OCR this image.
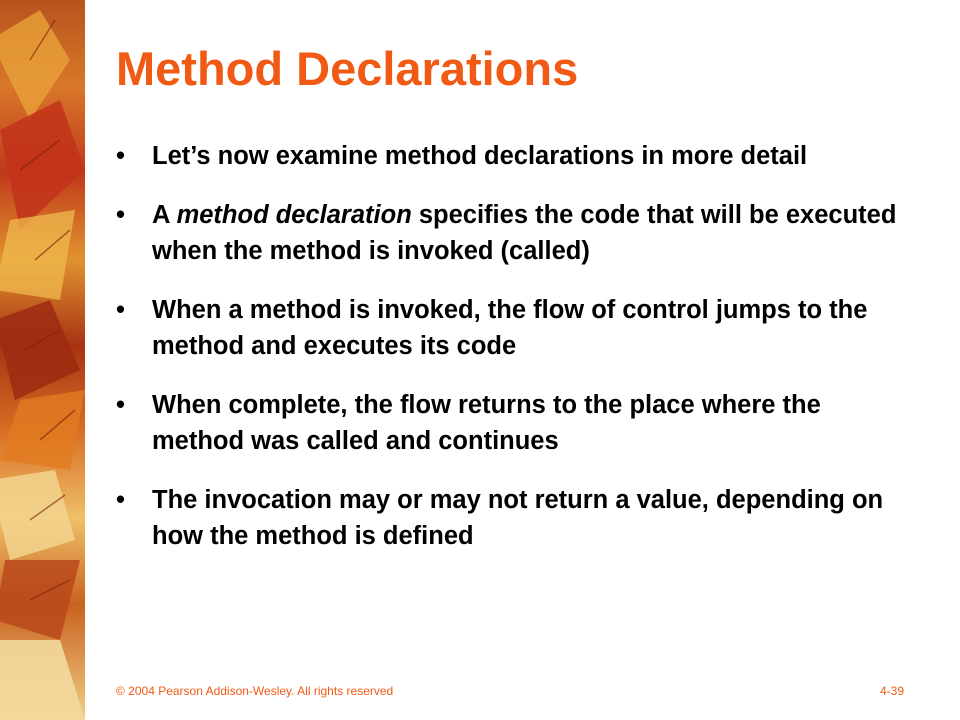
Method Declarations
• Let’s now examine method declarations in more detail
• A method declaration specifies the code that will be executed when the method is invoked (called)
• When a method is invoked, the flow of control jumps to the method and executes its code
• When complete, the flow returns to the place where the method was called and continues
• The invocation may or may not return a value, depending on how the method is defined
© 2004 Pearson Addison-Wesley. All rights reserved	4-39
